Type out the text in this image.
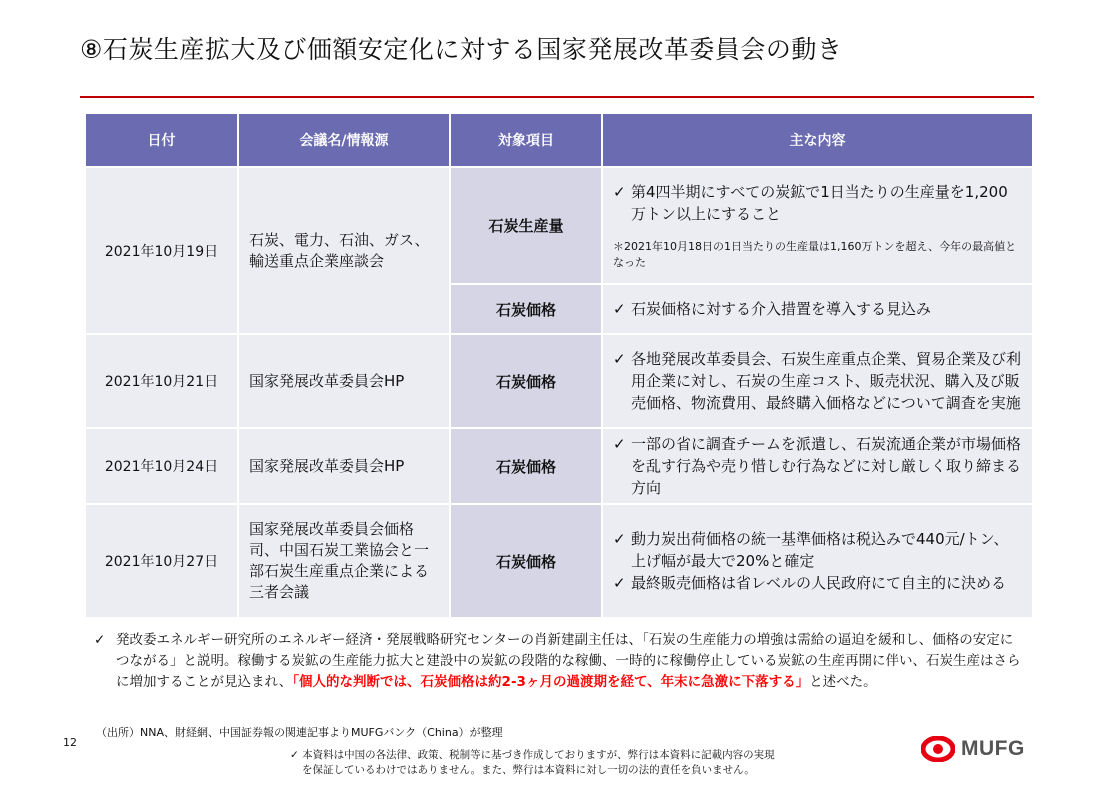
⑧石炭生産拡大及び価額安定化に対する国家発展改革委員会の動き
日付	会議名/情報源	対象項目	主な内容
2021年10月19日	石炭、電力、石油、ガス、輸送重点企業座談会	石炭生産量	✓ 第4四半期にすべての炭鉱で1日当たりの生産量を1,200万トン以上にすること
＊2021年10月18日の1日当たりの生産量は1,160万トンを超え、今年の最高値となった

		石炭価格	✓ 石炭価格に対する介入措置を導入する見込み

2021年10月21日	国家発展改革委員会HP	石炭価格	✓ 各地発展改革委員会、石炭生産重点企業、貿易企業及び利用企業に対し、石炭の生産コスト、販売状況、購入及び販売価格、物流費用、最終購入価格などについて調査を実施

2021年10月24日	国家発展改革委員会HP	石炭価格	✓ 一部の省に調査チームを派遣し、石炭流通企業が市場価格を乱す行為や売り惜しむ行為などに対し厳しく取り締まる方向

2021年10月27日	国家発展改革委員会価格司、中国石炭工業協会と一部石炭生産重点企業による三者会議	石炭価格	✓ 動力炭出荷価格の統一基準価格は税込みで440元/トン、上げ幅が最大で20%と確定
✓ 最終販売価格は省レベルの人民政府にて自主的に決める
✓ 発改委エネルギー研究所のエネルギー経済・発展戦略研究センターの肖新建副主任は、「石炭の生産能力の増強は需給の逼迫を緩和し、価格の安定につながる」と説明。稼働する炭鉱の生産能力拡大と建設中の炭鉱の段階的な稼働、一時的に稼働停止している炭鉱の生産再開に伴い、石炭生産はさらに増加することが見込まれ、「個人的な判断では、石炭価格は約2-3ヶ月の過渡期を経て、年末に急激に下落する」と述べた。
（出所）NNA、財経網、中国証券報の関連記事よりMUFGバンク（China）が整理
12
✓ 本資料は中国の各法律、政策、税制等に基づき作成しておりますが、弊行は本資料に記載内容の実現
を保証しているわけではありません。また、弊行は本資料に対し一切の法的責任を負いません。
MUFG
